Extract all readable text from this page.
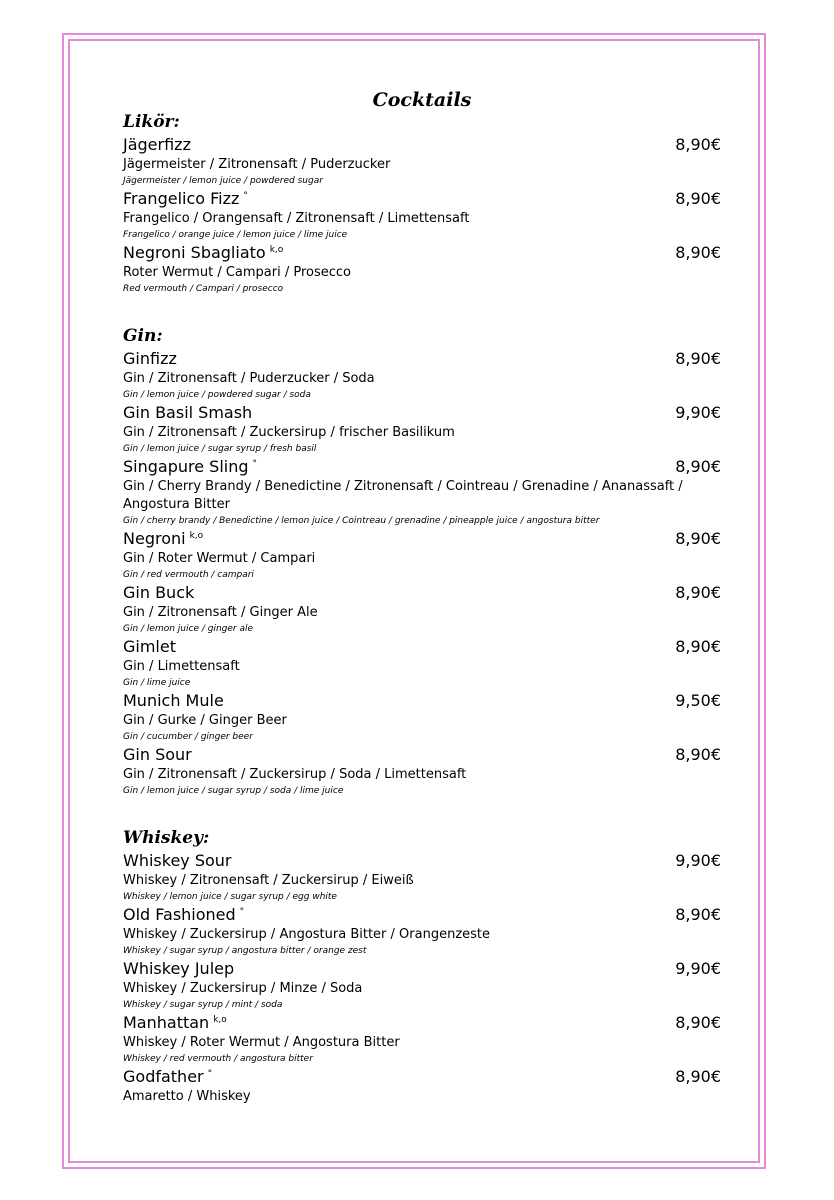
Cocktails
Likör:
Jägerfizz	8,90€
Jägermeister / Zitronensaft / Puderzucker
Jägermeister / lemon juice / powdered sugar
Frangelico Fizz °	8,90€
Frangelico / Orangensaft / Zitronensaft / Limettensaft
Frangelico / orange juice / lemon juice / lime juice
Negroni Sbagliato $^{k,o}$	8,90€
Roter Wermut / Campari / Prosecco
Red vermouth / Campari / prosecco
Gin:
Ginfizz	8,90€
Gin / Zitronensaft / Puderzucker / Soda
Gin / lemon juice / powdered sugar / soda
Gin Basil Smash	9,90€
Gin / Zitronensaft / Zuckersirup / frischer Basilikum
Gin / lemon juice / sugar syrup / fresh basil
Singapure Sling °	8,90€
Gin / Cherry Brandy / Benedictine / Zitronensaft / Cointreau / Grenadine / Ananassaft / Angostura Bitter
Gin / cherry brandy / Benedictine / lemon juice / Cointreau / grenadine / pineapple juice / angostura bitter
Negroni $^{k,o}$	8,90€
Gin / Roter Wermut / Campari
Gin / red vermouth / campari
Gin Buck	8,90€
Gin / Zitronensaft / Ginger Ale
Gin / lemon juice / ginger ale
Gimlet	8,90€
Gin / Limettensaft
Gin / lime juice
Munich Mule	9,50€
Gin / Gurke / Ginger Beer
Gin / cucumber / ginger beer
Gin Sour	8,90€
Gin / Zitronensaft / Zuckersirup / Soda / Limettensaft
Gin / lemon juice / sugar syrup / soda / lime juice
Whiskey:
Whiskey Sour	9,90€
Whiskey / Zitronensaft / Zuckersirup / Eiweiß
Whiskey / lemon juice / sugar syrup / egg white
Old Fashioned °	8,90€
Whiskey / Zuckersirup / Angostura Bitter / Orangenzeste
Whiskey / sugar syrup / angostura bitter / orange zest
Whiskey Julep	9,90€
Whiskey / Zuckersirup / Minze / Soda
Whiskey / sugar syrup / mint / soda
Manhattan $^{k,o}$	8,90€
Whiskey / Roter Wermut / Angostura Bitter
Whiskey / red vermouth / angostura bitter
Godfather °	8,90€
Amaretto / Whiskey
